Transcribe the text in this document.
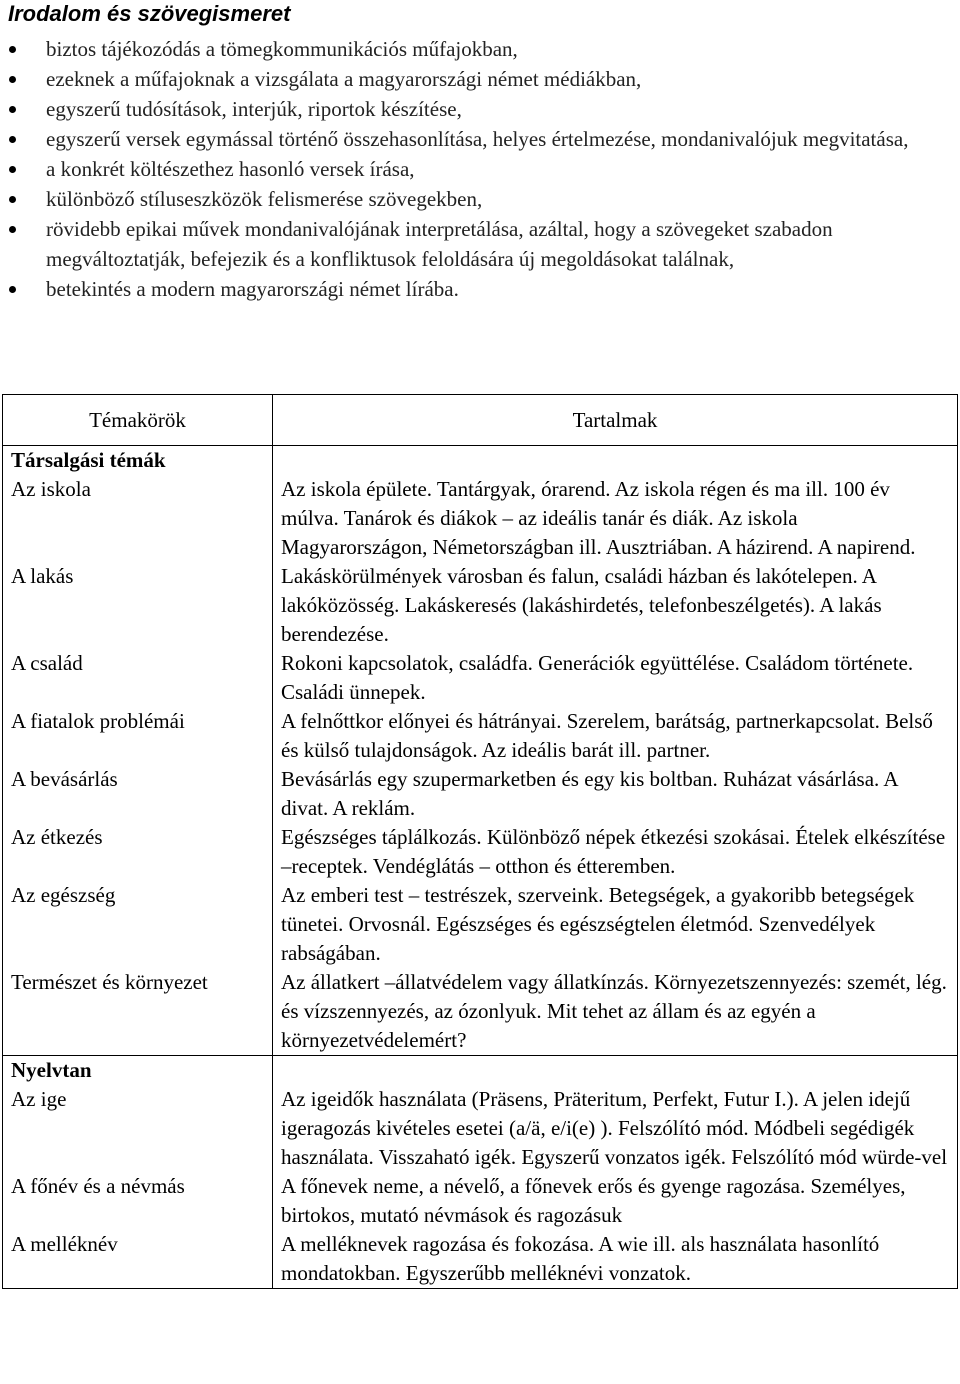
Irodalom és szövegismeret
biztos tájékozódás a tömegkommunikációs műfajokban,
ezeknek a műfajoknak a vizsgálata a magyarországi német médiákban,
egyszerű tudósítások, interjúk, riportok készítése,
egyszerű versek egymással történő összehasonlítása, helyes értelmezése, mondanivalójuk megvitatása,
a konkrét költészethez hasonló versek írása,
különböző stíluseszközök felismerése szövegekben,
rövidebb epikai művek mondanivalójának interpretálása, azáltal, hogy a szövegeket szabadon megváltoztatják, befejezik és a konfliktusok feloldására új megoldásokat találnak,
betekintés a modern magyarországi német lírába.
Témakörök	Tartalmak
Társalgási témák	
Az iskola	Az iskola épülete. Tantárgyak, órarend. Az iskola régen és ma ill. 100 év múlva. Tanárok és diákok – az ideális tanár és diák. Az iskola Magyarországon, Németországban ill. Ausztriában. A házirend. A napirend.
A lakás	Lakáskörülmények városban és falun, családi házban és lakótelepen. A lakóközösség. Lakáskeresés (lakáshirdetés, telefonbeszélgetés). A lakás berendezése.
A család	Rokoni kapcsolatok, családfa. Generációk együttélése. Családom története. Családi ünnepek.
A fiatalok problémái	A felnőttkor előnyei és hátrányai. Szerelem, barátság, partnerkapcsolat. Belső és külső tulajdonságok. Az ideális barát ill. partner.
A bevásárlás	Bevásárlás egy szupermarketben és egy kis boltban. Ruházat vásárlása. A divat. A reklám.
Az étkezés	Egészséges táplálkozás. Különböző népek étkezési szokásai. Ételek elkészítése –receptek. Vendéglátás – otthon és étteremben.
Az egészség	Az emberi test – testrészek, szerveink. Betegségek, a gyakoribb betegségek tünetei. Orvosnál. Egészséges és egészségtelen életmód. Szenvedélyek rabságában.
Természet és környezet	Az állatkert –állatvédelem vagy állatkínzás. Környezetszennyezés: szemét, lég. és vízszennyezés, az ózonlyuk. Mit tehet az állam és az egyén a környezetvédelemért?
Nyelvtan	
Az ige	Az igeidők használata (Präsens, Präteritum, Perfekt, Futur I.). A jelen idejű igeragozás kivételes esetei (a/ä, e/i(e) ). Felszólító mód. Módbeli segédigék használata. Visszaható igék. Egyszerű vonzatos igék. Felszólító mód würde-vel
A főnév és a névmás	A főnevek neme, a névelő, a főnevek erős és gyenge ragozása. Személyes, birtokos, mutató névmások és ragozásuk
A melléknév	A melléknevek ragozása és fokozása. A wie ill. als használata hasonlító mondatokban. Egyszerűbb melléknévi vonzatok.
